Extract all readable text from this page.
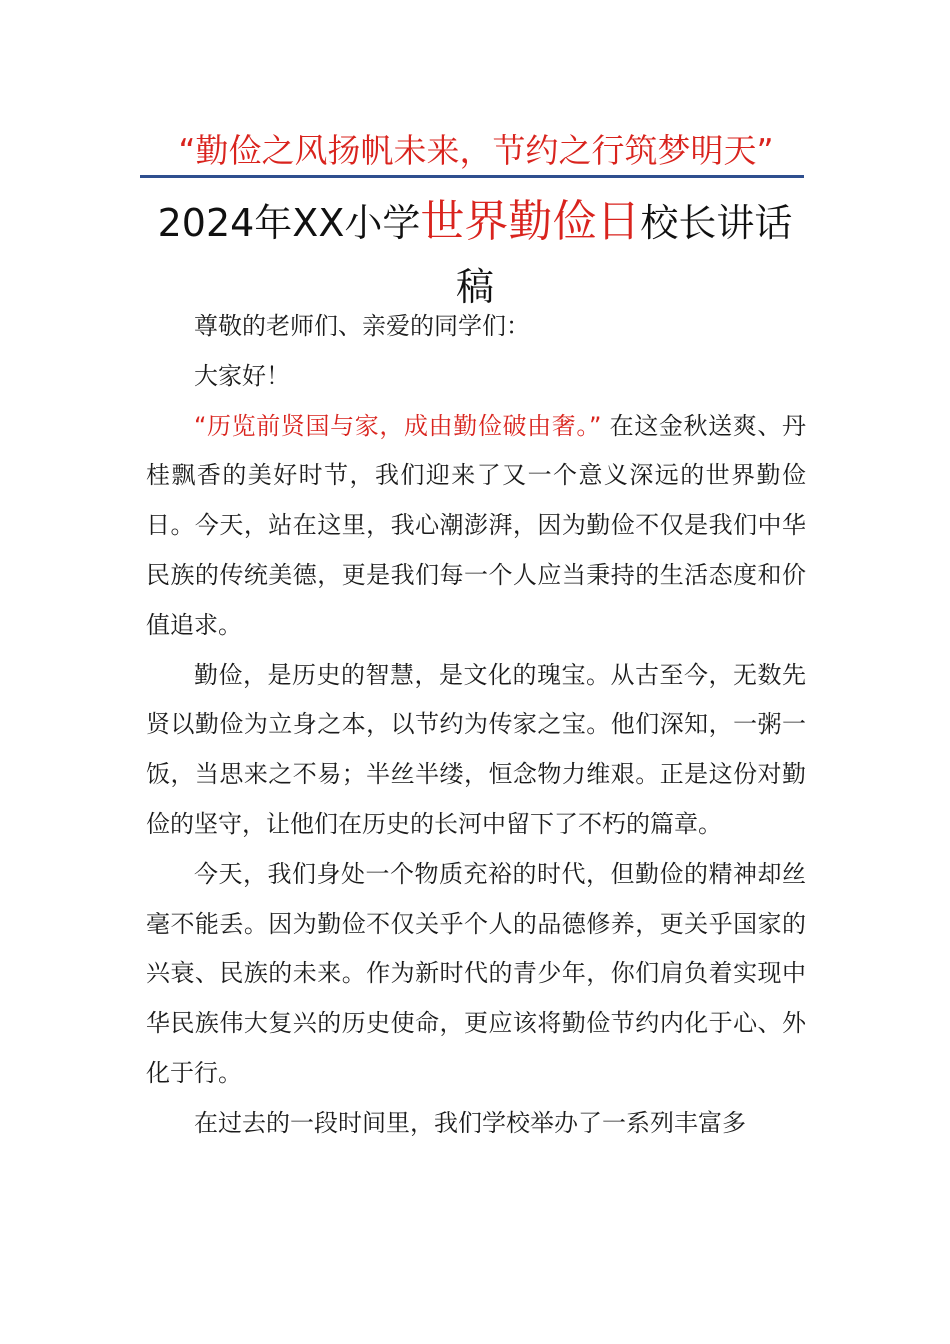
“勤俭之风扬帆未来，节约之行筑梦明天”
2024年XX小学世界勤俭日校长讲话稿

尊敬的老师们、亲爱的同学们：

大家好！

“历览前贤国与家，成由勤俭破由奢。” 在这金秋送爽、丹桂飘香的美好时节，我们迎来了又一个意义深远的世界勤俭日。今天，站在这里，我心潮澎湃，因为勤俭不仅是我们中华民族的传统美德，更是我们每一个人应当秉持的生活态度和价值追求。

勤俭，是历史的智慧，是文化的瑰宝。从古至今，无数先贤以勤俭为立身之本，以节约为传家之宝。他们深知，一粥一饭，当思来之不易；半丝半缕，恒念物力维艰。正是这份对勤俭的坚守，让他们在历史的长河中留下了不朽的篇章。

今天，我们身处一个物质充裕的时代，但勤俭的精神却丝毫不能丢。因为勤俭不仅关乎个人的品德修养，更关乎国家的兴衰、民族的未来。作为新时代的青少年，你们肩负着实现中华民族伟大复兴的历史使命，更应该将勤俭节约内化于心、外化于行。

在过去的一段时间里，我们学校举办了一系列丰富多
